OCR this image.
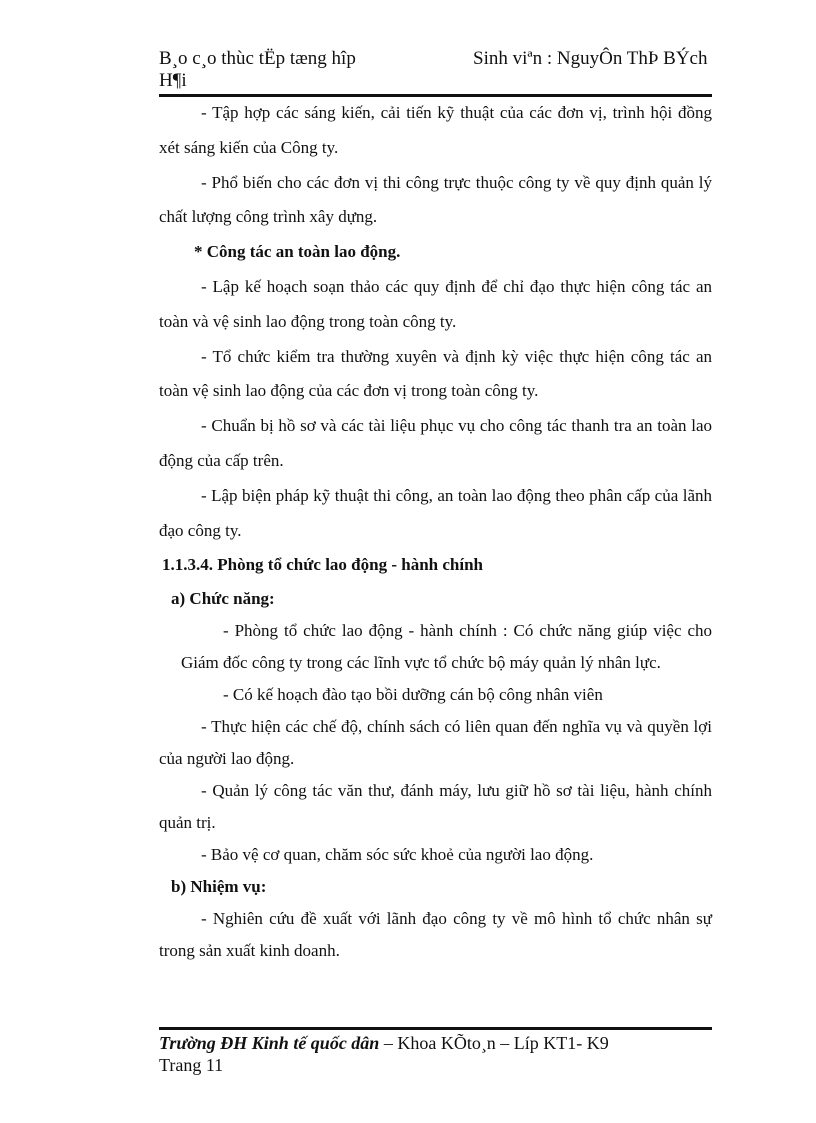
B¸o c¸o thùc tËp tæng hîp	Sinh viªn : NguyÔn ThÞ BÝch
H¶i

- Tập hợp các sáng kiến, cải tiến kỹ thuật của các đơn vị, trình hội đồng xét sáng kiến của Công ty.

- Phổ biến cho các đơn vị thi công trực thuộc công ty về quy định quản lý chất lượng công trình xây dựng.

* Công tác an toàn lao động.

- Lập kế hoạch soạn thảo các quy định để chỉ đạo thực hiện công tác an toàn và vệ sinh lao động trong toàn công ty.

- Tổ chức kiểm tra thường xuyên và định kỳ việc thực hiện công tác an toàn vệ sinh lao động của các đơn vị trong toàn công ty.

- Chuẩn bị hồ sơ và các tài liệu phục vụ cho công tác thanh tra an toàn lao động của cấp trên.

- Lập biện pháp kỹ thuật thi công, an toàn lao động theo phân cấp của lãnh đạo công ty.

1.1.3.4. Phòng tổ chức lao động - hành chính

a) Chức năng:

- Phòng tổ chức lao động - hành chính : Có chức năng giúp việc cho Giám đốc công ty trong các lĩnh vực tổ chức bộ máy quản lý nhân lực.

- Có kế hoạch đào tạo bồi dưỡng cán bộ công nhân viên

- Thực hiện các chế độ, chính sách có liên quan đến nghĩa vụ và quyền lợi của người lao động.

- Quản lý công tác văn thư, đánh máy, lưu giữ hồ sơ tài liệu, hành chính quản trị.

- Bảo vệ cơ quan, chăm sóc sức khoẻ của người lao động.

b) Nhiệm vụ:

- Nghiên cứu đề xuất với lãnh đạo công ty về mô hình tổ chức nhân sự trong sản xuất kinh doanh.

Trường ĐH Kinh tế quốc dân – Khoa KÕto¸n – Líp KT1- K9
Trang 11
